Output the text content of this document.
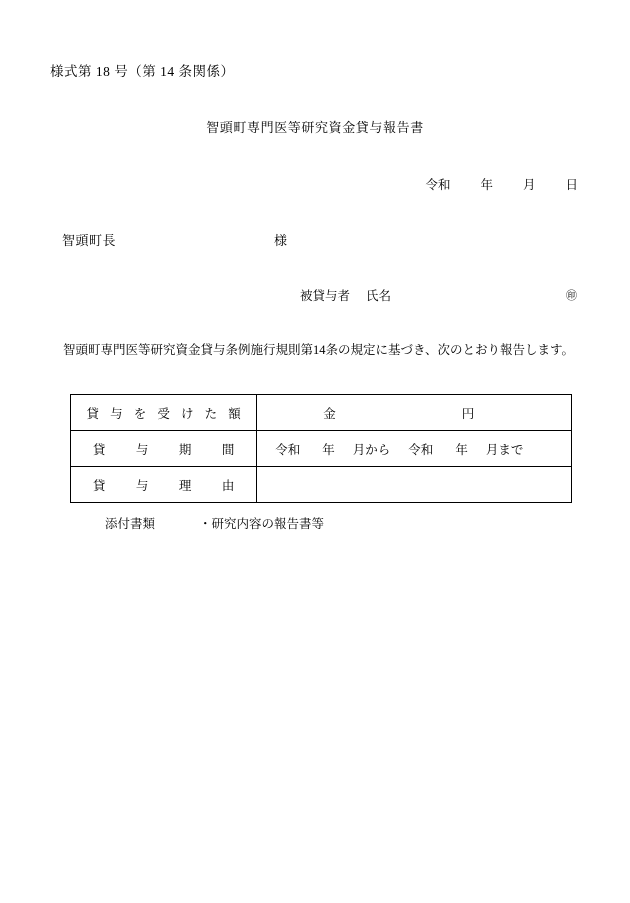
様式第 18 号（第 14 条関係）
智頭町専門医等研究資金貸与報告書
令和 年 月 日
智頭町長	様
被貸与者 氏名	㊞
智頭町専門医等研究資金貸与条例施行規則第14条の規定に基づき、次のとおり報告します。
貸 与 を 受 け た 額	金 円

貸　与　期　間	令和 年 月から 令和 年 月まで

貸　与　理　由	
添付書類	・研究内容の報告書等
